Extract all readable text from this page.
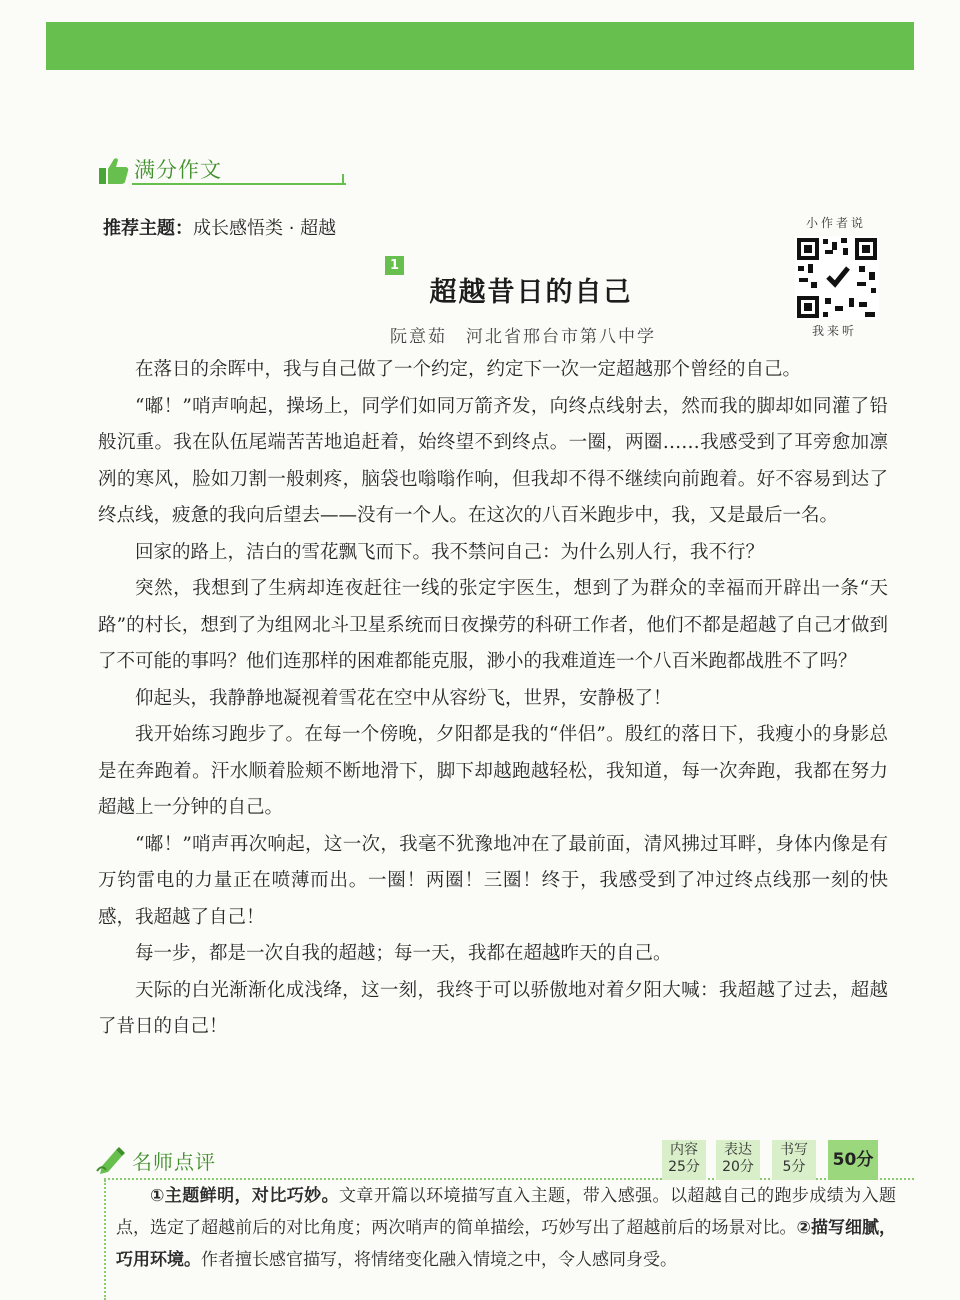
满分作文
推荐主题：成长感悟类 · 超越	小作者说
我来听
1
超越昔日的自己
阮意茹　河北省邢台市第八中学

在落日的余晖中，我与自己做了一个约定，约定下一次一定超越那个曾经的自己。

“嘟！”哨声响起，操场上，同学们如同万箭齐发，向终点线射去，然而我的脚却如同灌了铅般沉重。我在队伍尾端苦苦地追赶着，始终望不到终点。一圈，两圈……我感受到了耳旁愈加凛冽的寒风，脸如刀割一般刺疼，脑袋也嗡嗡作响，但我却不得不继续向前跑着。好不容易到达了终点线，疲惫的我向后望去——没有一个人。在这次的八百米跑步中，我，又是最后一名。

回家的路上，洁白的雪花飘飞而下。我不禁问自己：为什么别人行，我不行？

突然，我想到了生病却连夜赶往一线的张定宇医生，想到了为群众的幸福而开辟出一条“天路”的村长，想到了为组网北斗卫星系统而日夜操劳的科研工作者，他们不都是超越了自己才做到了不可能的事吗？他们连那样的困难都能克服，渺小的我难道连一个八百米跑都战胜不了吗？

仰起头，我静静地凝视着雪花在空中从容纷飞，世界，安静极了！

我开始练习跑步了。在每一个傍晚，夕阳都是我的“伴侣”。殷红的落日下，我瘦小的身影总是在奔跑着。汗水顺着脸颊不断地滑下，脚下却越跑越轻松，我知道，每一次奔跑，我都在努力超越上一分钟的自己。

“嘟！”哨声再次响起，这一次，我毫不犹豫地冲在了最前面，清风拂过耳畔，身体内像是有万钧雷电的力量正在喷薄而出。一圈！两圈！三圈！终于，我感受到了冲过终点线那一刻的快感，我超越了自己！

每一步，都是一次自我的超越；每一天，我都在超越昨天的自己。

天际的白光渐渐化成浅绛，这一刻，我终于可以骄傲地对着夕阳大喊：我超越了过去，超越了昔日的自己！

名师点评	内容
25分
表达
20分
书写
5分	50分

①主题鲜明，对比巧妙。文章开篇以环境描写直入主题，带入感强。以超越自己的跑步成绩为入题点，选定了超越前后的对比角度；两次哨声的简单描绘，巧妙写出了超越前后的场景对比。②描写细腻，巧用环境。作者擅长感官描写，将情绪变化融入情境之中，令人感同身受。
